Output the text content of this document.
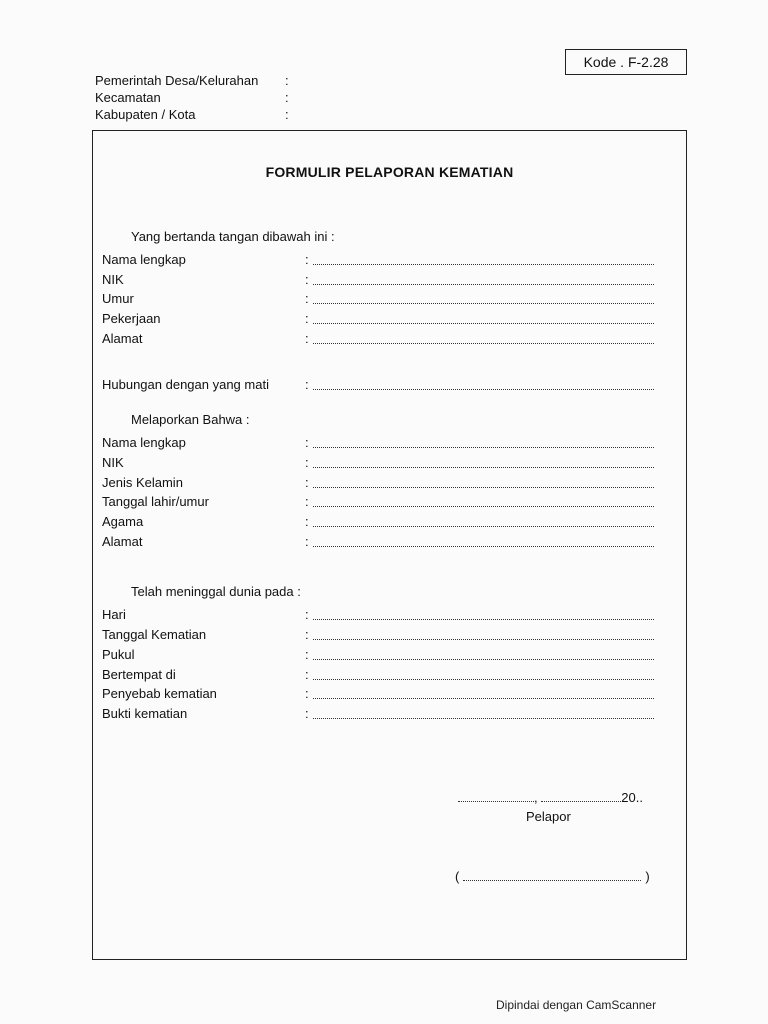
Kode . F-2.28
Pemerintah Desa/Kelurahan :
Kecamatan	:
Kabupaten / Kota	:
FORMULIR PELAPORAN KEMATIAN
Yang bertanda tangan dibawah ini :
Nama lengkap	:
NIK	:
Umur	:
Pekerjaan	:
Alamat	:
Hubungan dengan yang mati	:
Melaporkan Bahwa :
Nama lengkap	:
NIK	:
Jenis Kelamin	:
Tanggal lahir/umur	:
Agama	:
Alamat	:
Telah meninggal dunia pada :
Hari	:
Tanggal Kematian	:
Pukul	:
Bertempat di	:
Penyebab kematian	:
Bukti kematian	:
,	20..
Pelapor
(	)
Dipindai dengan CamScanner
